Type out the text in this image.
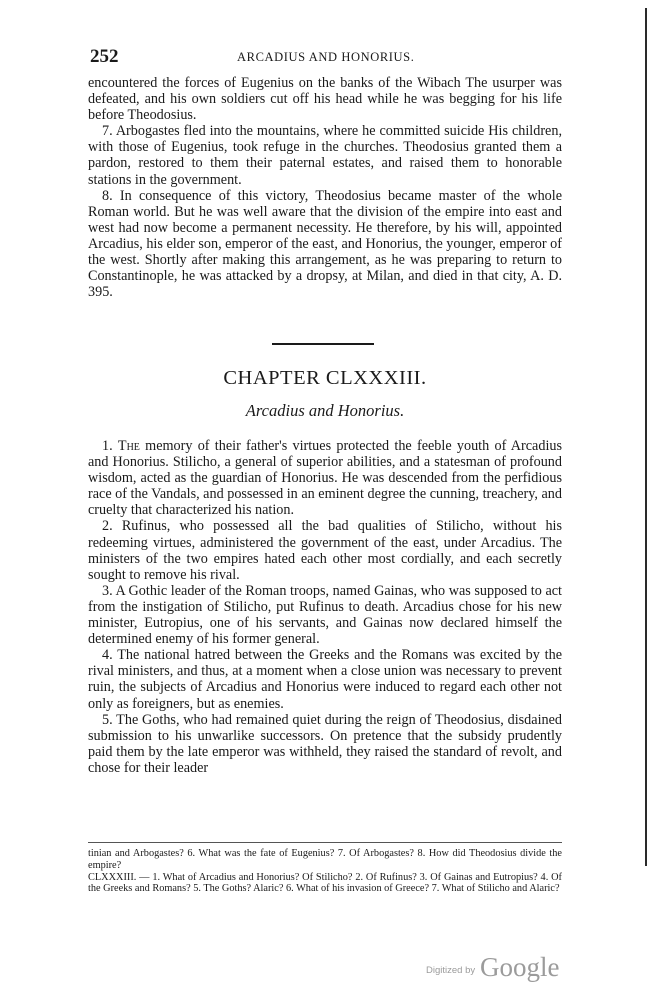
252	ARCADIUS AND HONORIUS.

encountered the forces of Eugenius on the banks of the Wibach The usurper was defeated, and his own soldiers cut off his head while he was begging for his life before Theodosius.

7. Arbogastes fled into the mountains, where he committed suicide His children, with those of Eugenius, took refuge in the churches. Theodosius granted them a pardon, restored to them their paternal estates, and raised them to honorable stations in the government.

8. In consequence of this victory, Theodosius became master of the whole Roman world. But he was well aware that the division of the empire into east and west had now become a permanent necessity. He therefore, by his will, appointed Arcadius, his elder son, emperor of the east, and Honorius, the younger, emperor of the west. Shortly after making this arrangement, as he was preparing to return to Constantinople, he was attacked by a dropsy, at Milan, and died in that city, A. D. 395.

CHAPTER CLXXXIII.
Arcadius and Honorius.

1. The memory of their father's virtues protected the feeble youth of Arcadius and Honorius. Stilicho, a general of superior abilities, and a statesman of profound wisdom, acted as the guardian of Honorius. He was descended from the perfidious race of the Vandals, and possessed in an eminent degree the cunning, treachery, and cruelty that characterized his nation.

2. Rufinus, who possessed all the bad qualities of Stilicho, without his redeeming virtues, administered the government of the east, under Arcadius. The ministers of the two empires hated each other most cordially, and each secretly sought to remove his rival.

3. A Gothic leader of the Roman troops, named Gainas, who was supposed to act from the instigation of Stilicho, put Rufinus to death. Arcadius chose for his new minister, Eutropius, one of his servants, and Gainas now declared himself the determined enemy of his former general.

4. The national hatred between the Greeks and the Romans was excited by the rival ministers, and thus, at a moment when a close union was necessary to prevent ruin, the subjects of Arcadius and Honorius were induced to regard each other not only as foreigners, but as enemies.

5. The Goths, who had remained quiet during the reign of Theodosius, disdained submission to his unwarlike successors. On pretence that the subsidy prudently paid them by the late emperor was withheld, they raised the standard of revolt, and chose for their leader

tinian and Arbogastes? 6. What was the fate of Eugenius? 7. Of Arbogastes? 8. How did Theodosius divide the empire?

CLXXXIII. — 1. What of Arcadius and Honorius? Of Stilicho? 2. Of Rufinus? 3. Of Gainas and Eutropius? 4. Of the Greeks and Romans? 5. The Goths? Alaric? 6. What of his invasion of Greece? 7. What of Stilicho and Alaric?

Digitized by Google
